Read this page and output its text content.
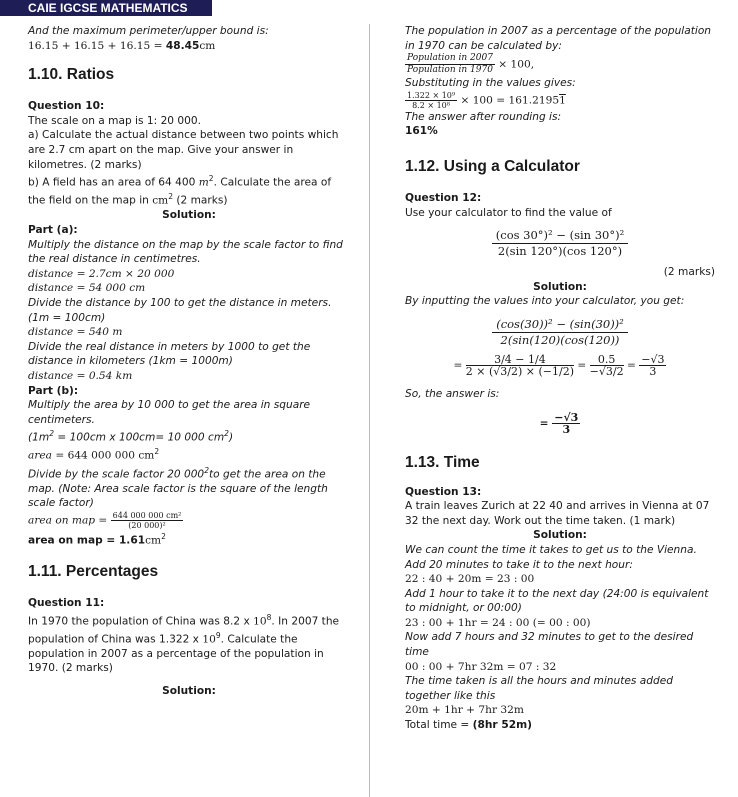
CAIE IGCSE MATHEMATICS

And the maximum perimeter/upper bound is:

16.15 + 16.15 + 16.15 = 48.45cm

1.10. Ratios

Question 10:

The scale on a map is 1: 20 000.

a) Calculate the actual distance between two points which are 2.7 cm apart on the map. Give your answer in kilometres. (2 marks)

b) A field has an area of 64 400 $m^2$. Calculate the area of the field on the map in $cm^2$ (2 marks)

Solution:

Part (a):

Multiply the distance on the map by the scale factor to find the real distance in centimetres.

distance = 2.7cm × 20 000

distance = 54 000 cm

Divide the distance by 100 to get the distance in meters. (1m = 100cm)

distance = 540 m

Divide the real distance in meters by 1000 to get the distance in kilometers (1km = 1000m)

distance = 0.54 km

Part (b):

Multiply the area by 10 000 to get the area in square centimeters.

($1m^2 = 100cm$ x 100cm= 10 000 $cm^2$)

area = 644 000 000 $cm^2$

Divide by the scale factor 20 $000^2to$ get the area on the map. (Note: Area scale factor is the square of the length scale factor)

area on map = $\frac{\text{644 000 000 cm²}}{\text{(20 000)²}}$

area on map = $1.61cm^2$

1.11. Percentages

Question 11:

In 1970 the population of China was 8.2 x $10^8$. In 2007 the population of China was 1.322 x $10^9$. Calculate the population in 2007 as a percentage of the population in 1970. (2 marks)

Solution:

The population in 2007 as a percentage of the population in 1970 can be calculated by:

$\frac{\text{Population in 2007}}{\text{Population in 1970}} \times 100$,

Substituting in the values gives:

$\frac{\text{1.322 × 10⁹}}{\text{8.2 × 10⁸}} \times 100 = 161.21951$

The answer after rounding is:

161%

1.12. Using a Calculator

Question 12:

Use your calculator to find the value of

$\frac{\text{(cos 30°)² − (sin 30°)²}}{2(\sin 120^\circ)(\cos 120^\circ)}$

(2 marks)

Solution:

By inputting the values into your calculator, you get:

$\frac{\text{(cos(30))² − (sin(30))²}}{2(\sin(120)(\cos(120))}$

= $\frac{3/4 - 1/4}{2 \times (√3/2) \times (-1/2)} = \frac{0.5}{-√3/2} = \frac{-√3}{3}$

So, the answer is:

= $\frac{-√3}{3}$

1.13. Time

Question 13:

A train leaves Zurich at 22 40 and arrives in Vienna at 07 32 the next day. Work out the time taken. (1 mark)

Solution:

We can count the time it takes to get us to the Vienna. Add 20 minutes to take it to the next hour:

22 : 40 + 20m = 23 : 00

Add 1 hour to take it to the next day (24:00 is equivalent to midnight, or 00:00)

23 : 00 + 1hr = 24 : 00 (= 00 : 00)

Now add 7 hours and 32 minutes to get to the desired time

00 : 00 + 7hr 32m = 07 : 32

The time taken is all the hours and minutes added together like this

20m + 1hr + 7hr 32m

Total time = (8hr 52m)
